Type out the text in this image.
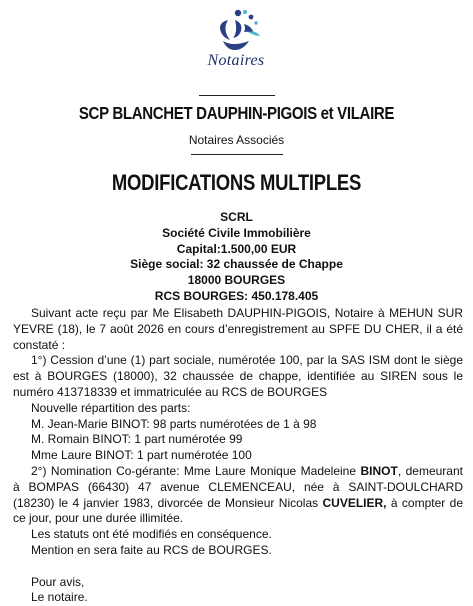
Notaires
SCP BLANCHET DAUPHIN-PIGOIS et VILAIRE
Notaires Associés
MODIFICATIONS MULTIPLES
SCRL
Société Civile Immobilière
Capital:1.500,00 EUR
Siège social: 32 chaussée de Chappe
18000 BOURGES
RCS BOURGES: 450.178.405

Suivant acte reçu par Me Elisabeth DAUPHIN-PIGOIS, Notaire à MEHUN SUR YEVRE (18), le 7 août 2026 en cours d’enregistrement au SPFE DU CHER, il a été constaté :

1°) Cession d’une (1) part sociale, numérotée 100, par la SAS ISM dont le siège est à BOURGES (18000), 32 chaussée de chappe, identifiée au SIREN sous le numéro 413718339 et immatriculée au RCS de BOURGES

Nouvelle répartition des parts:

M. Jean-Marie BINOT: 98 parts numérotées de 1 à 98

M. Romain BINOT: 1 part numérotée 99

Mme Laure BINOT: 1 part numérotée 100

2°) Nomination Co-gérante: Mme Laure Monique Madeleine BINOT, demeurant à BOMPAS (66430) 47 avenue CLEMENCEAU, née à SAINT-DOULCHARD (18230) le 4 janvier 1983, divorcée de Monsieur Nicolas CUVELIER, à compter de ce jour, pour une durée illimitée.

Les statuts ont été modifiés en conséquence.

Mention en sera faite au RCS de BOURGES.

Pour avis,

Le notaire.
